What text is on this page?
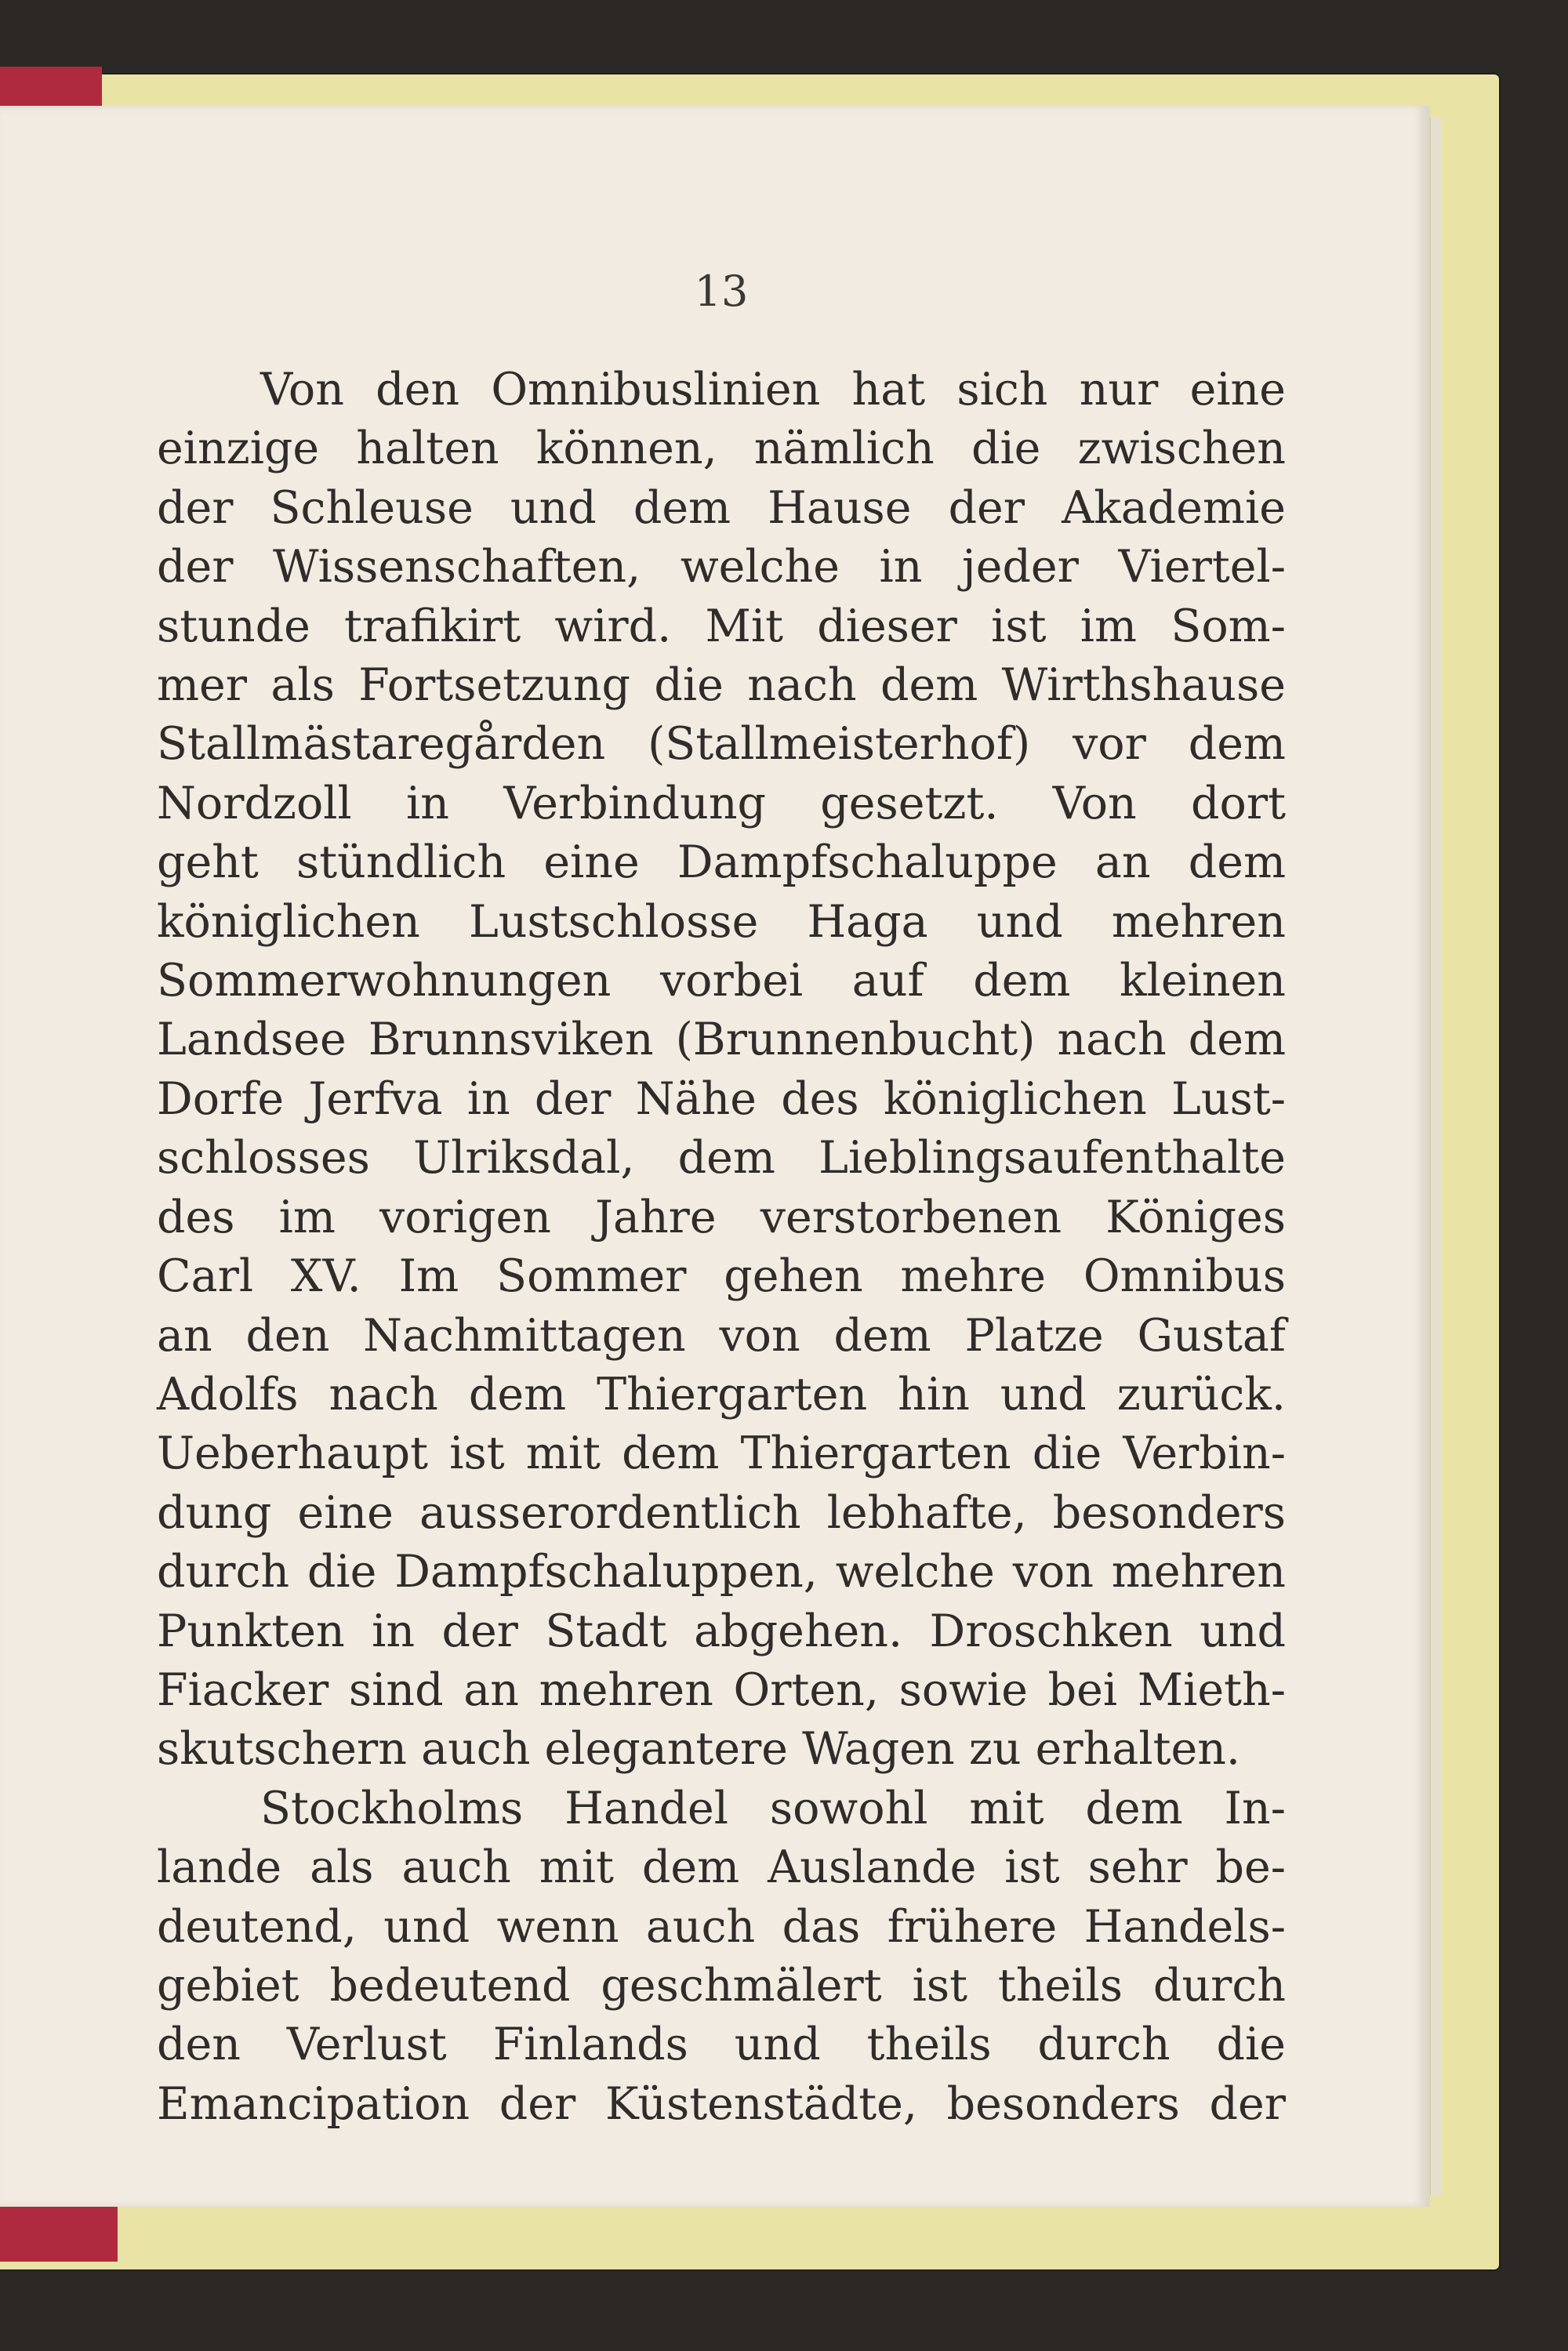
13
Von den Omnibuslinien hat sich nur eine
einzige halten können, nämlich die zwischen
der Schleuse und dem Hause der Akademie
der Wissenschaften, welche in jeder Viertel-
stunde trafikirt wird. Mit dieser ist im Som-
mer als Fortsetzung die nach dem Wirthshause
Stallmästaregården (Stallmeisterhof) vor dem
Nordzoll in Verbindung gesetzt. Von dort
geht stündlich eine Dampfschaluppe an dem
königlichen Lustschlosse Haga und mehren
Sommerwohnungen vorbei auf dem kleinen
Landsee Brunnsviken (Brunnenbucht) nach dem
Dorfe Jerfva in der Nähe des königlichen Lust-
schlosses Ulriksdal, dem Lieblingsaufenthalte
des im vorigen Jahre verstorbenen Königes
Carl XV. Im Sommer gehen mehre Omnibus
an den Nachmittagen von dem Platze Gustaf
Adolfs nach dem Thiergarten hin und zurück.
Ueberhaupt ist mit dem Thiergarten die Verbin-
dung eine ausserordentlich lebhafte, besonders
durch die Dampfschaluppen, welche von mehren
Punkten in der Stadt abgehen. Droschken und
Fiacker sind an mehren Orten, sowie bei Mieth-
skutschern auch elegantere Wagen zu erhalten.
Stockholms Handel sowohl mit dem In-
lande als auch mit dem Auslande ist sehr be-
deutend, und wenn auch das frühere Handels-
gebiet bedeutend geschmälert ist theils durch
den Verlust Finlands und theils durch die
Emancipation der Küstenstädte, besonders der
